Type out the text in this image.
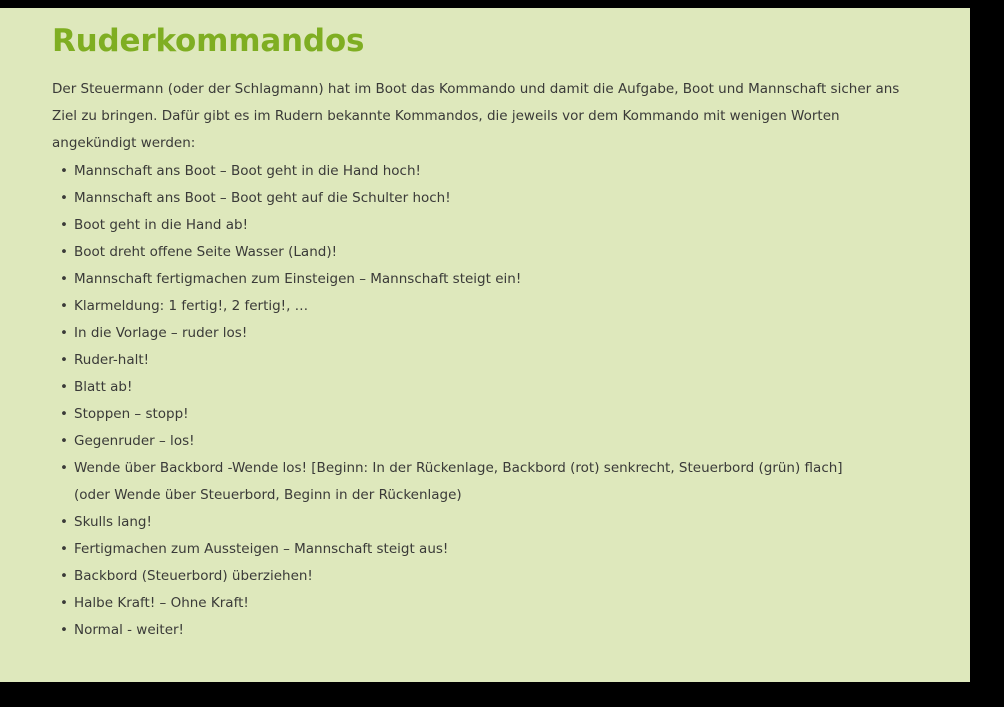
Ruderkommandos

Der Steuermann (oder der Schlagmann) hat im Boot das Kommando und damit die Aufgabe, Boot und Mannschaft sicher ans Ziel zu bringen. Dafür gibt es im Rudern bekannte Kommandos, die jeweils vor dem Kommando mit wenigen Worten angekündigt werden:

• Mannschaft ans Boot – Boot geht in die Hand hoch!
• Mannschaft ans Boot – Boot geht auf die Schulter hoch!
• Boot geht in die Hand ab!
• Boot dreht offene Seite Wasser (Land)!
• Mannschaft fertigmachen zum Einsteigen – Mannschaft steigt ein!
• Klarmeldung: 1 fertig!, 2 fertig!, …
• In die Vorlage – ruder los!
• Ruder-halt!
• Blatt ab!
• Stoppen – stopp!
• Gegenruder – los!
• Wende über Backbord -Wende los! [Beginn: In der Rückenlage, Backbord (rot) senkrecht, Steuerbord (grün) flach]
(oder Wende über Steuerbord, Beginn in der Rückenlage)
• Skulls lang!
• Fertigmachen zum Aussteigen – Mannschaft steigt aus!
• Backbord (Steuerbord) überziehen!
• Halbe Kraft! – Ohne Kraft!
• Normal - weiter!
